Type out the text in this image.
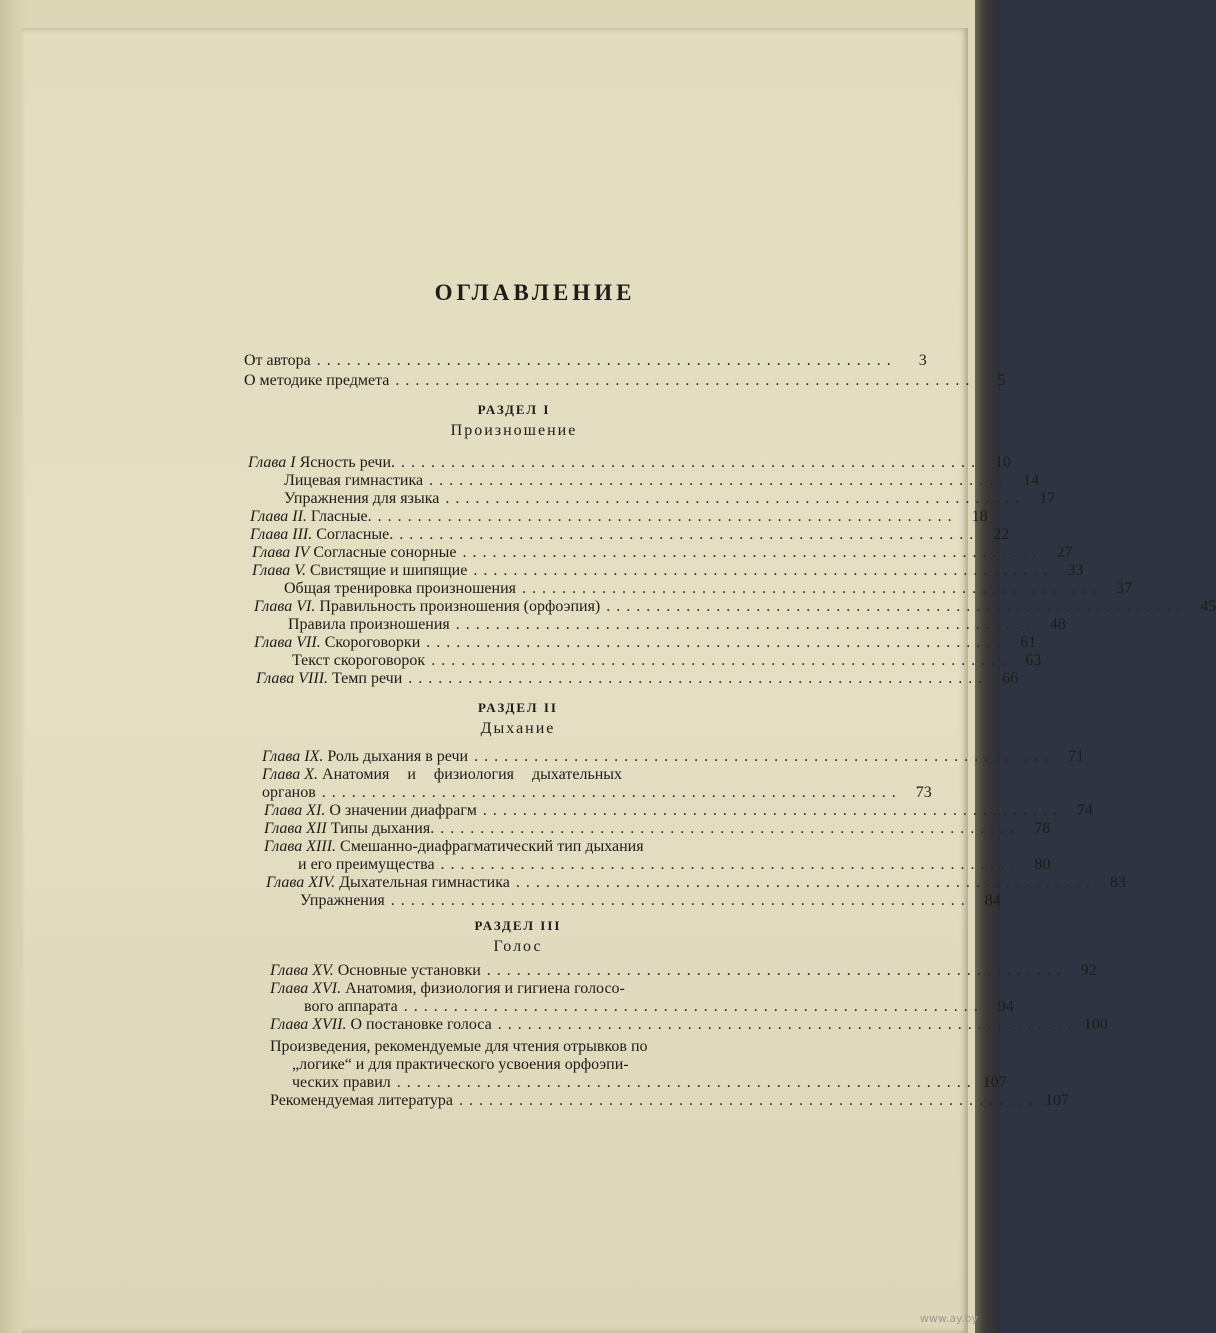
ОГЛАВЛЕНИЕ
От автора ..........................................................	3
О методике предмета ..........................................................	5
РАЗДЕЛ I
Произношение
Глава I Ясность речи. .......................................................... 10
Лицевая гимнастика .......................................................... 14
Упражнения для языка .......................................................... 17
Глава II. Гласные. .......................................................... 18
Глава III. Согласные. .......................................................... 22
Глава IV Согласные сонорные .......................................................... 27
Глава V. Свистящие и шипящие .......................................................... 33
Общая тренировка произношения .......................................................... 37
Глава VI. Правильность произношения (орфоэпия) .......................................................... 45
Правила произношения .......................................................... 48
Глава VII. Скороговорки .......................................................... 61
Текст скороговорок .......................................................... 63
Глава VIII. Темп речи .......................................................... 66
РАЗДЕЛ II
Дыхание
Глава IX. Роль дыхания в речи .......................................................... 71
Глава X. Анатомия и физиология дыхательных
органов .......................................................... 73
Глава XI. О значении диафрагм .......................................................... 74
Глава XII Типы дыхания. .......................................................... 78
Глава XIII. Смешанно-диафрагматический тип дыхания
и его преимущества .......................................................... 80
Глава XIV. Дыхательная гимнастика .......................................................... 83
Упражнения .......................................................... 84
РАЗДЕЛ III
Голос
Глава XV. Основные установки .......................................................... 92
Глава XVI. Анатомия, физиология и гигиена голосо-
вого аппарата .......................................................... 94
Глава XVII. О постановке голоса .......................................................... 100
Произведения, рекомендуемые для чтения отрывков по
„логике“ и для практического усвоения орфоэпи-
ческих правил .......................................................... 107
Рекомендуемая литература .......................................................... 107
www.ay.by
